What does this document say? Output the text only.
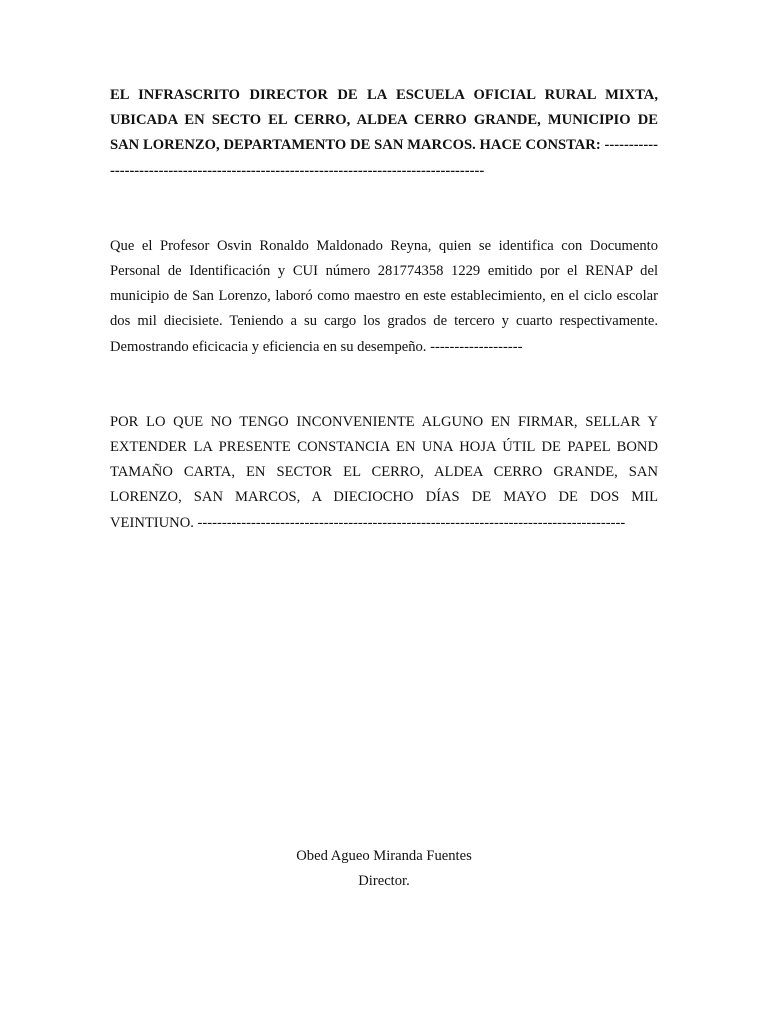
EL INFRASCRITO DIRECTOR DE LA ESCUELA OFICIAL RURAL MIXTA, UBICADA EN SECTO EL CERRO, ALDEA CERRO GRANDE, MUNICIPIO DE SAN LORENZO, DEPARTAMENTO DE SAN MARCOS. HACE CONSTAR: ----------------------------------------------------------------------------------------

Que el Profesor Osvin Ronaldo Maldonado Reyna, quien se identifica con Documento Personal de Identificación y CUI número 281774358 1229 emitido por el RENAP del municipio de San Lorenzo, laboró como maestro en este establecimiento, en el ciclo escolar dos mil diecisiete. Teniendo a su cargo los grados de tercero y cuarto respectivamente. Demostrando eficicacia y eficiencia en su desempeño. -------------------

POR LO QUE NO TENGO INCONVENIENTE ALGUNO EN FIRMAR, SELLAR Y EXTENDER LA PRESENTE CONSTANCIA EN UNA HOJA ÚTIL DE PAPEL BOND TAMAÑO CARTA, EN SECTOR EL CERRO, ALDEA CERRO GRANDE, SAN LORENZO, SAN MARCOS, A DIECIOCHO DÍAS DE MAYO DE DOS MIL VEINTIUNO. ----------------------------------------------------------------------------------------

Obed Agueo Miranda Fuentes
Director.
